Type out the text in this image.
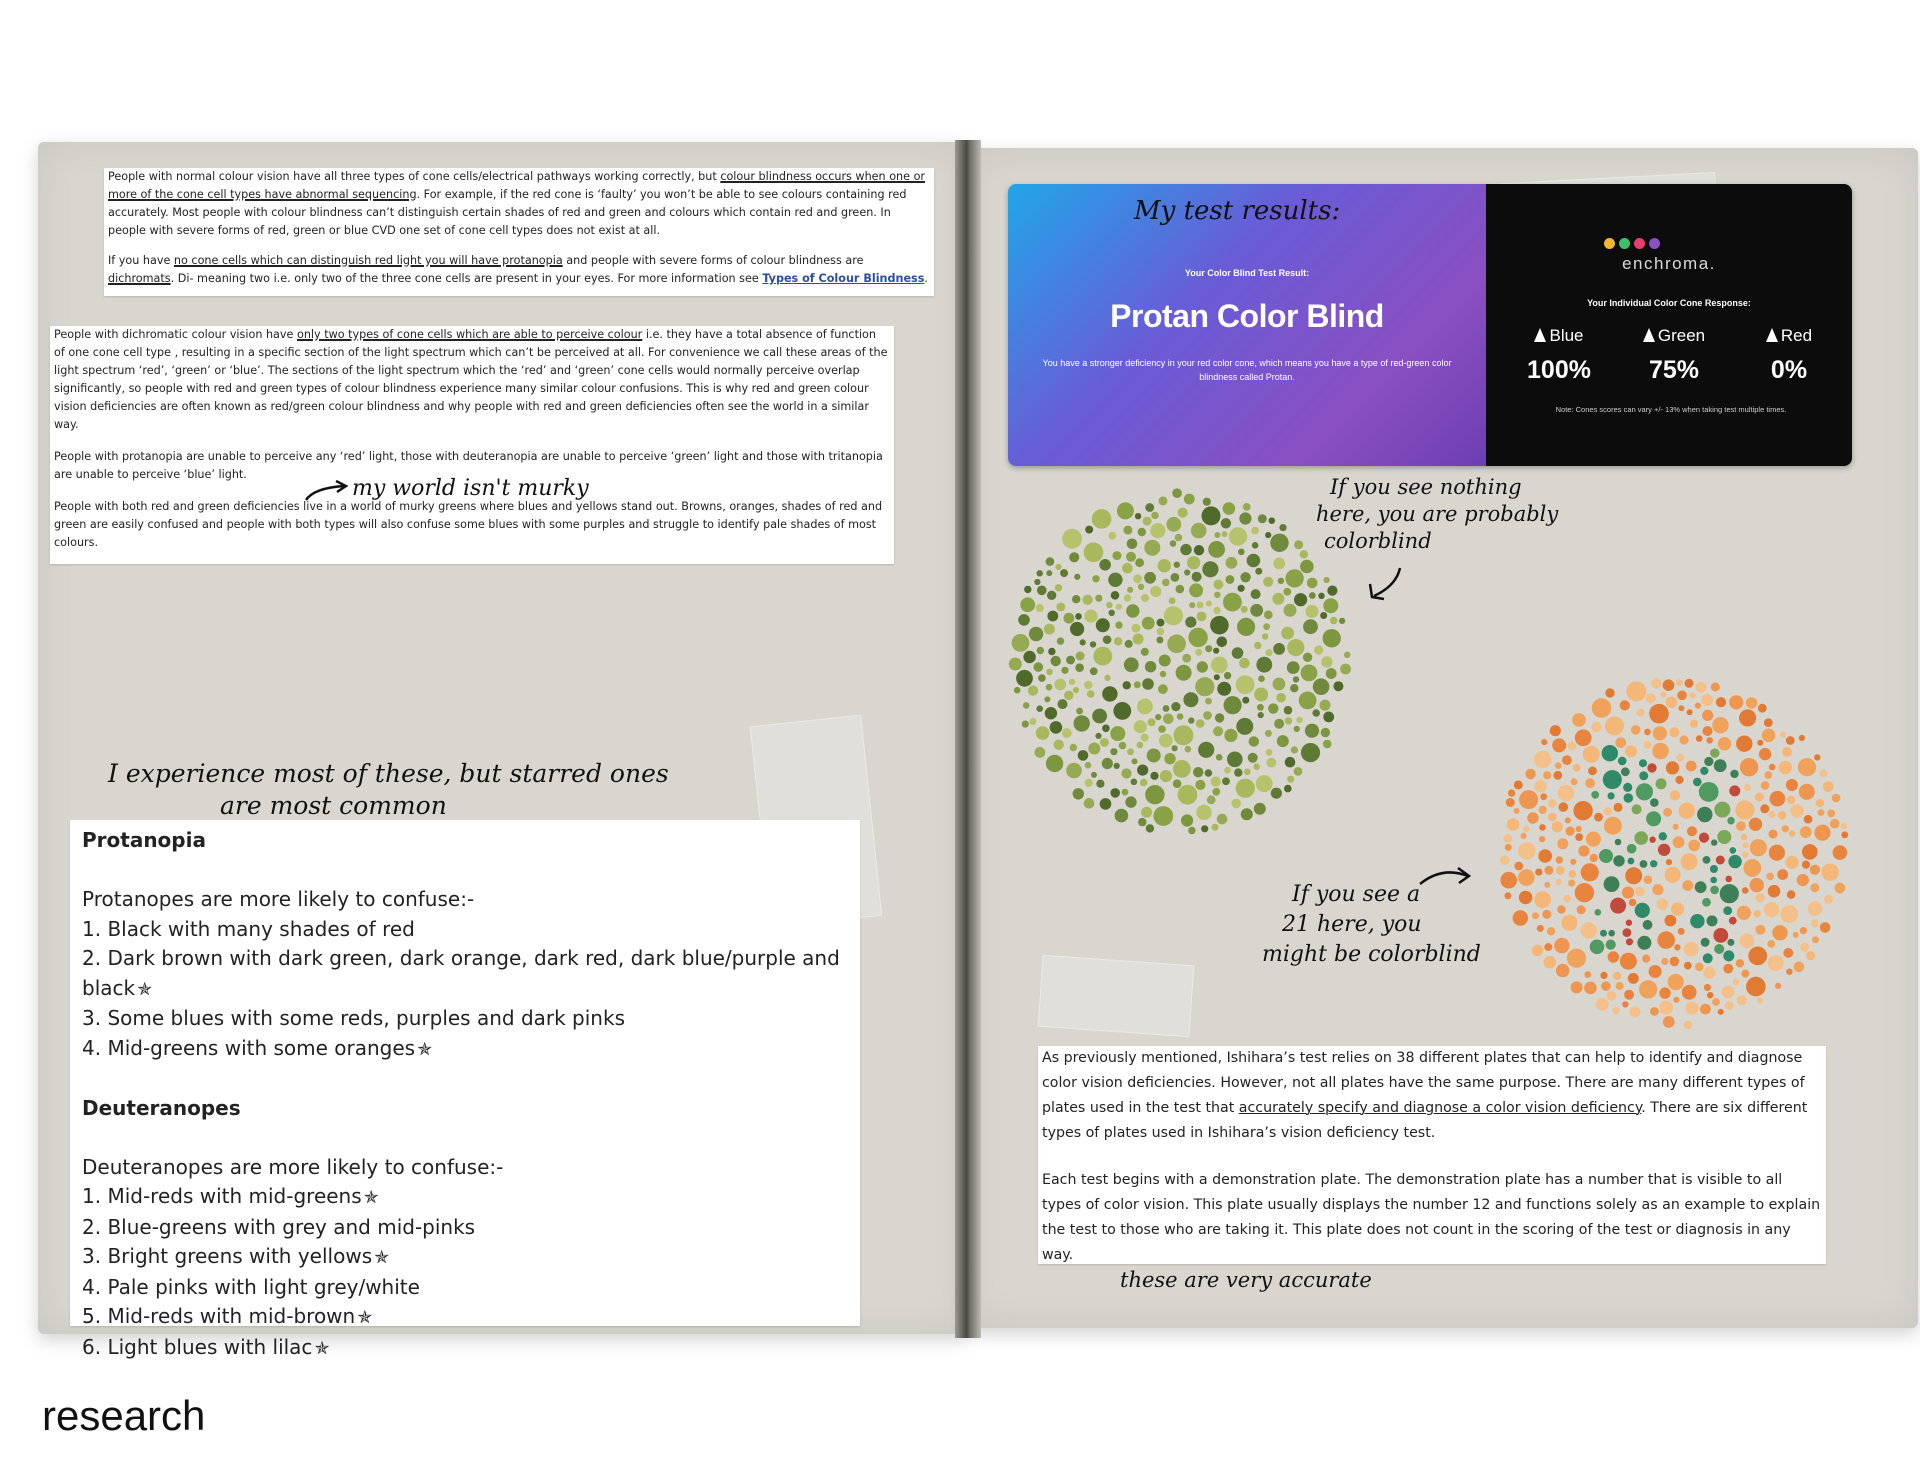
People with normal colour vision have all three types of cone cells/electrical pathways working correctly, but colour blindness occurs when one or more of the cone cell types have abnormal sequencing. For example, if the red cone is ‘faulty’ you won’t be able to see colours containing red accurately. Most people with colour blindness can’t distinguish certain shades of red and green and colours which contain red and green. In people with severe forms of red, green or blue CVD one set of cone cell types does not exist at all.

If you have no cone cells which can distinguish red light you will have protanopia and people with severe forms of colour blindness are dichromats. Di- meaning two i.e. only two of the three cone cells are present in your eyes. For more information see Types of Colour Blindness.

People with dichromatic colour vision have only two types of cone cells which are able to perceive colour i.e. they have a total absence of function of one cone cell type , resulting in a specific section of the light spectrum which can’t be perceived at all. For convenience we call these areas of the light spectrum ‘red’, ‘green’ or ‘blue’. The sections of the light spectrum which the ‘red’ and ‘green’ cone cells would normally perceive overlap significantly, so people with red and green types of colour blindness experience many similar colour confusions. This is why red and green colour vision deficiencies are often known as red/green colour blindness and why people with red and green deficiencies often see the world in a similar way.

People with protanopia are unable to perceive any ‘red’ light, those with deuteranopia are unable to perceive ‘green’ light and those with tritanopia are unable to perceive ‘blue’ light.

People with both red and green deficiencies live in a world of murky greens where blues and yellows stand out. Browns, oranges, shades of red and green are easily confused and people with both types will also confuse some blues with some purples and struggle to identify pale shades of most colours.

my world isn't murky
I experience most of these, but starred ones
are most common
Protanopia
Protanopes are more likely to confuse:-
1. Black with many shades of red
2. Dark brown with dark green, dark orange, dark red, dark blue/purple and black ✯
3. Some blues with some reds, purples and dark pinks
4. Mid-greens with some oranges ✯
Deuteranopes
Deuteranopes are more likely to confuse:-
1. Mid-reds with mid-greens ✯
2. Blue-greens with grey and mid-pinks
3. Bright greens with yellows ✯
4. Pale pinks with light grey/white
5. Mid-reds with mid-brown ✯
6. Light blues with lilac ✯
Your Color Blind Test Result:
Protan Color Blind
You have a stronger deficiency in your red color cone, which means you have a type of red-green color blindness called Protan.
enchroma.
Your Individual Color Cone Response:
Blue
100%
Green
75%
Red
0%
Note: Cones scores can vary +/- 13% when taking test multiple times.
My test results:
If you see nothing
here, you are probably
colorblind
If you see a
21 here, you
might be colorblind

As previously mentioned, Ishihara’s test relies on 38 different plates that can help to identify and diagnose color vision deficiencies. However, not all plates have the same purpose. There are many different types of plates used in the test that accurately specify and diagnose a color vision deficiency. There are six different types of plates used in Ishihara’s vision deficiency test.

Each test begins with a demonstration plate. The demonstration plate has a number that is visible to all types of color vision. This plate usually displays the number 12 and functions solely as an example to explain the test to those who are taking it. This plate does not count in the scoring of the test or diagnosis in any way.

these are very accurate
research
